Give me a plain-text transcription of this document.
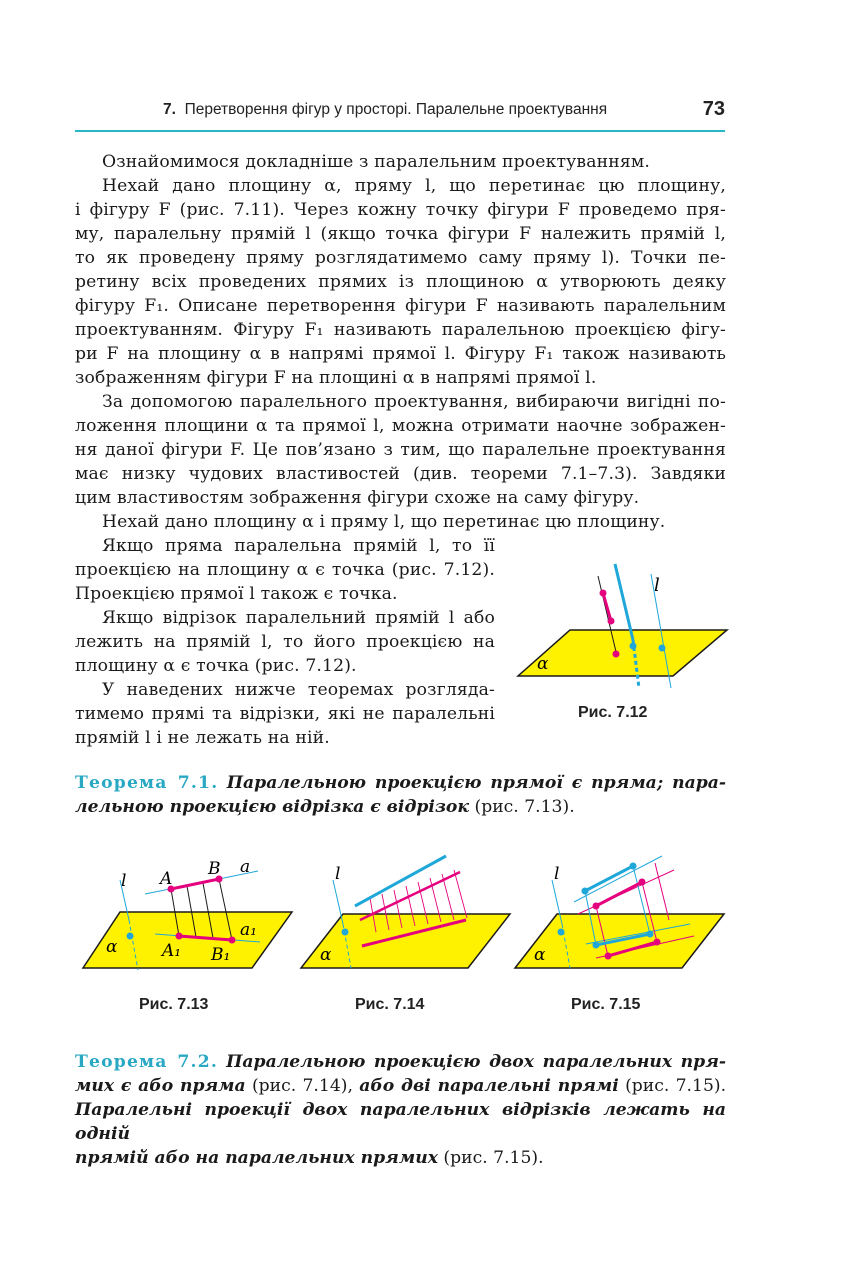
7. Перетворення фігур у просторі. Паралельне проектування	73

Ознайомимося докладніше з паралельним проектуванням.

Нехай дано площину α, пряму l, що перетинає цю площину,

і фігуру F (рис. 7.11). Через кожну точку фігури F проведемо пря-

му, паралельну прямій l (якщо точка фігури F належить прямій l,

то як проведену пряму розглядатимемо саму пряму l). Точки пе-

ретину всіх проведених прямих із площиною α утворюють деяку

фігуру F₁. Описане перетворення фігури F називають паралельним

проектуванням. Фігуру F₁ називають паралельною проекцією фігу-

ри F на площину α в напрямі прямої l. Фігуру F₁ також називають

зображенням фігури F на площині α в напрямі прямої l.

За допомогою паралельного проектування, вибираючи вигідні по-

ложення площини α та прямої l, можна отримати наочне зображен-

ня даної фігури F. Це пов’язано з тим, що паралельне проектування

має низку чудових властивостей (див. теореми 7.1–7.3). Завдяки

цим властивостям зображення фігури схоже на саму фігуру.

Нехай дано площину α і пряму l, що перетинає цю площину.

Якщо пряма паралельна прямій l, то її

проекцією на площину α є точка (рис. 7.12).

Проекцією прямої l також є точка.

Якщо відрізок паралельний прямій l або

лежить на прямій l, то його проекцією на

площину α є точка (рис. 7.12).

У наведених нижче теоремах розгляда-

тимемо прямі та відрізки, які не паралельні

прямій l і не лежать на ній.

l
α
Рис. 7.12

Теорема 7.1. Паралельною проекцією прямої є пряма; пара-

лельною проекцією відрізка є відрізок (рис. 7.13).

l A B a
a₁
A₁ B₁
α
Рис. 7.13
l
α
Рис. 7.14
l
α
Рис. 7.15

Теорема 7.2. Паралельною проекцією двох паралельних пря-

мих є або пряма (рис. 7.14), або дві паралельні прямі (рис. 7.15).

Паралельні проекції двох паралельних відрізків лежать на одній

прямій або на паралельних прямих (рис. 7.15).
